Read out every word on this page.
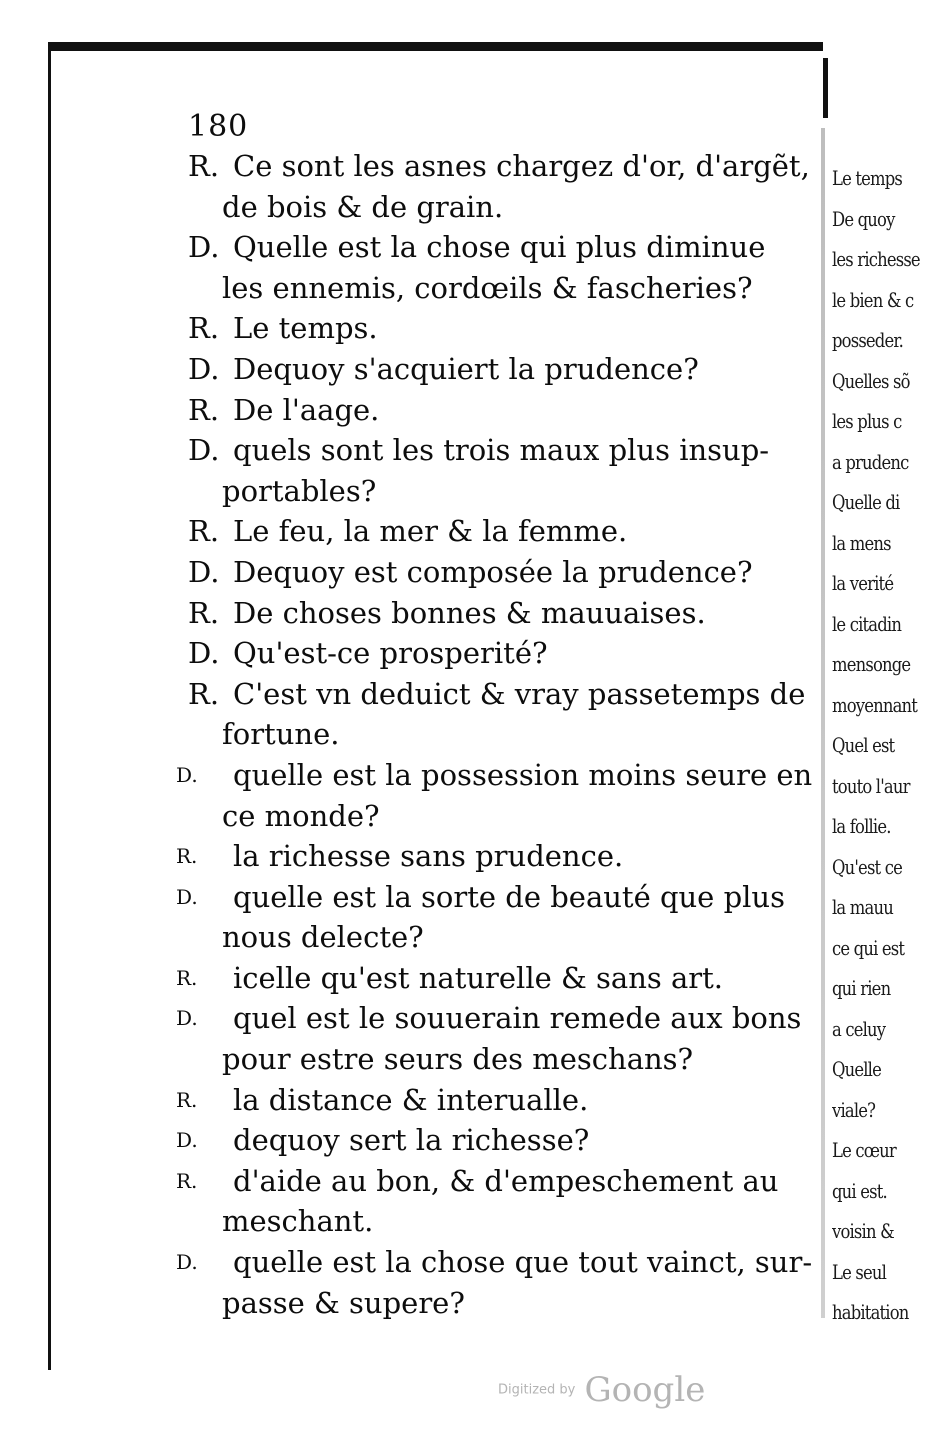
180
R. Ce sont les asnes chargez d'or, d'argẽt,
de bois & de grain.
D. Quelle est la chose qui plus diminue
les ennemis, cordœils & fascheries?
R. Le temps.
D. Dequoy s'acquiert la prudence?
R. De l'aage.
D. quels sont les trois maux plus insup-
portables?
R. Le feu, la mer & la femme.
D. Dequoy est composée la prudence?
R. De choses bonnes & mauuaises.
D. Qu'est-ce prosperité?
R. C'est vn deduict & vray passetemps de
fortune.
D. quelle est la possession moins seure en
ce monde?
R. la richesse sans prudence.
D. quelle est la sorte de beauté que plus
nous delecte?
R. icelle qu'est naturelle & sans art.
D. quel est le souuerain remede aux bons
pour estre seurs des meschans?
R. la distance & interualle.
D. dequoy sert la richesse?
R. d'aide au bon, & d'empeschement au
meschant.
D. quelle est la chose que tout vainct, sur-
passe & supere?
Le temps
De quoy
les richesse
le bien & c
posseder.
Quelles sõ
les plus c
a prudenc
Quelle di
la mens
la verité
le citadin
mensonge
moyennant
Quel est
touto l'aur
la follie.
Qu'est ce
la mauu
ce qui est
qui rien
a celuy
Quelle
viale?
Le cœur
qui est.
voisin &
Le seul
habitation
Digitized by Google
